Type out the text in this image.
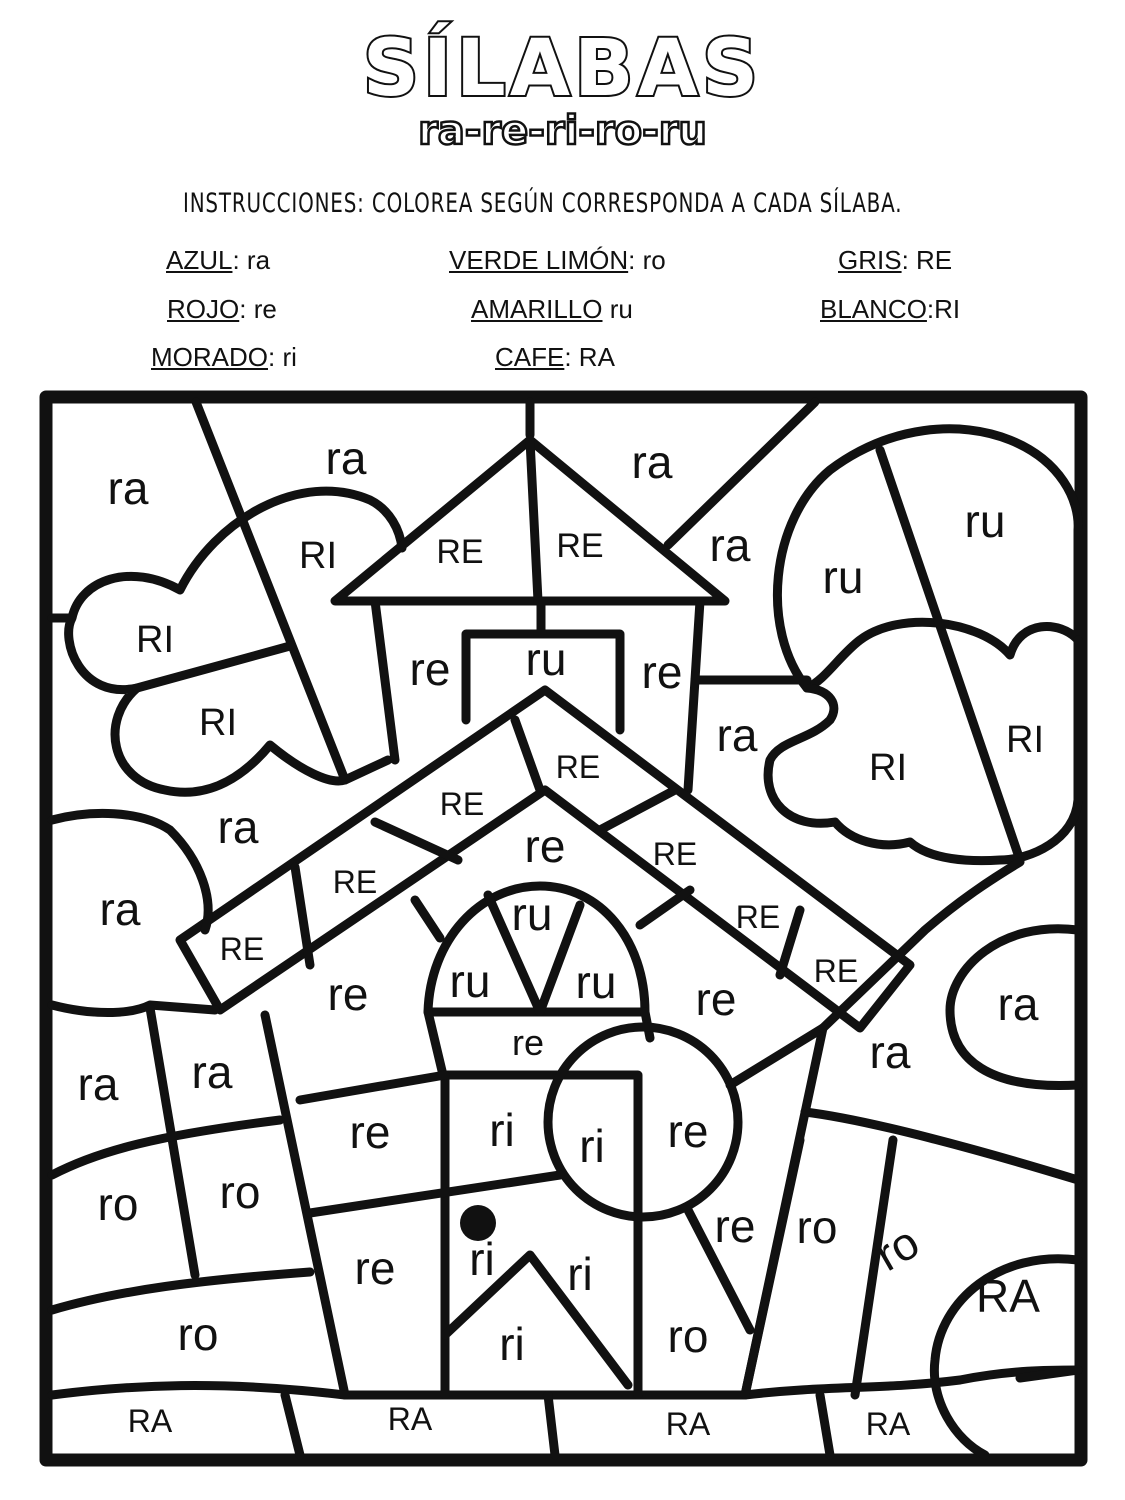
SÍLABAS
ra-re-ri-ro-ru
INSTRUCCIONES: COLOREA SEGÚN CORRESPONDA A CADA SÍLABA.
AZUL: ra	VERDE LIMÓN: ro	GRIS: RE
ROJO: re	AMARILLO ru	BLANCO:RI
MORADO: ri	CAFE: RA
ra
ra	ra
RI	RE RE ra	ru
ru
RI
re ru re
RI	ra
RE	RI
RI
RE
ra	re	RE
ra
RE
RE
ru
RE
RE
ru ru
re	re	ra
ra
re
ra
ra
re ri ri re
ro
ro	re
re
ro ro
ri ri
ri
ro	ro
RA
RA	RA	RA	RA
